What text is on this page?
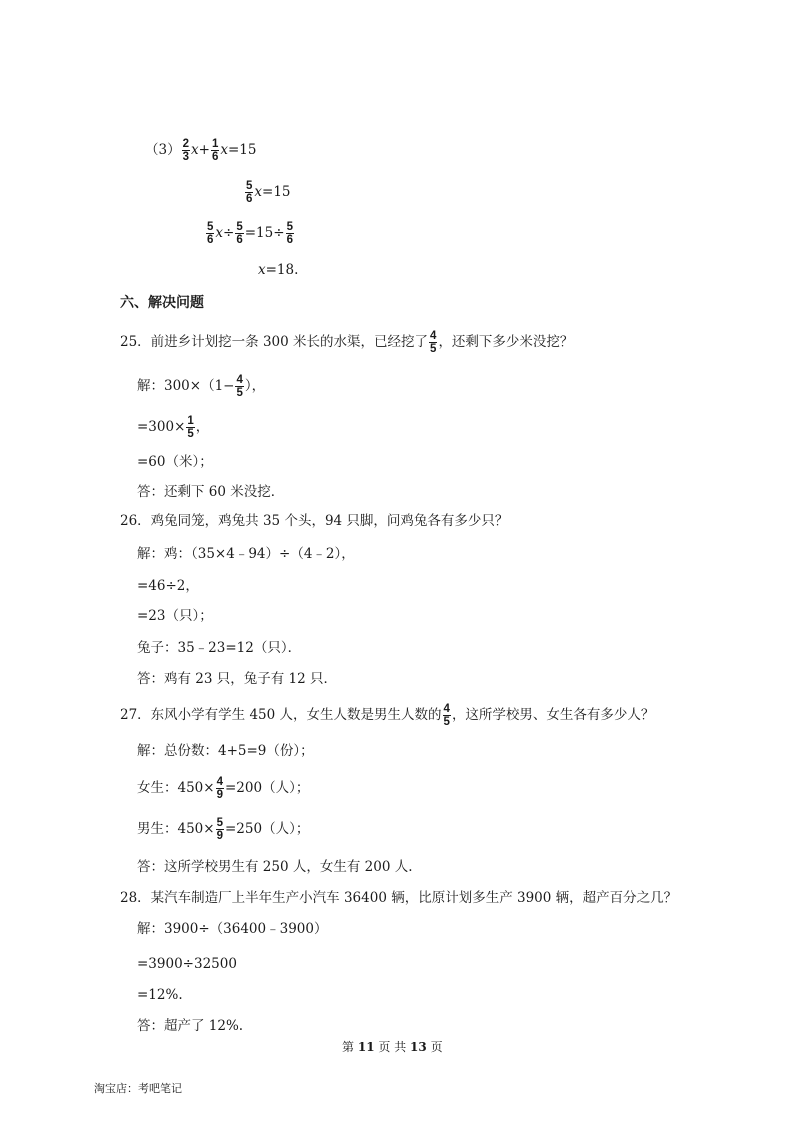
$(3) \frac{2}{3} x+ \frac{1}{6} x=15$
$\frac{5}{6} x=15$
$\frac{5}{6} x\div \frac{5}{6} =15\div \frac{5}{6}$
x=18.
六、解决问题
25．前进乡计划挖一条 300 米长的水渠，已经挖了 $\frac{4}{5}$ ，还剩下多少米没挖？
解：$300\times(1- \frac{4}{5}$ ），
$=300\times \frac{1}{5}$ ，
=60（米）；
答：还剩下 60 米没挖．
26．鸡兔同笼，鸡兔共 35 个头，94 只脚，问鸡兔各有多少只？
解：鸡：（35×4﹣94）÷（4﹣2），
=46÷2，
=23（只）；
兔子：35﹣23=12（只）．
答：鸡有 23 只，兔子有 12 只．
27．东风小学有学生 450 人，女生人数是男生人数的 $\frac{4}{5}$ ，这所学校男、女生各有多少人？
解：总份数：4+5=9（份）；
女生：$450\times \frac{4}{9} =200$（人）；
男生：$450\times \frac{5}{9} =250$（人）；
答：这所学校男生有 250 人，女生有 200 人.
28．某汽车制造厂上半年生产小汽车 36400 辆，比原计划多生产 3900 辆，超产百分之几？
解：3900÷（36400﹣3900）
=3900÷32500
=12%.
答：超产了 12%.
第 11 页 共 13 页
淘宝店：考吧笔记
